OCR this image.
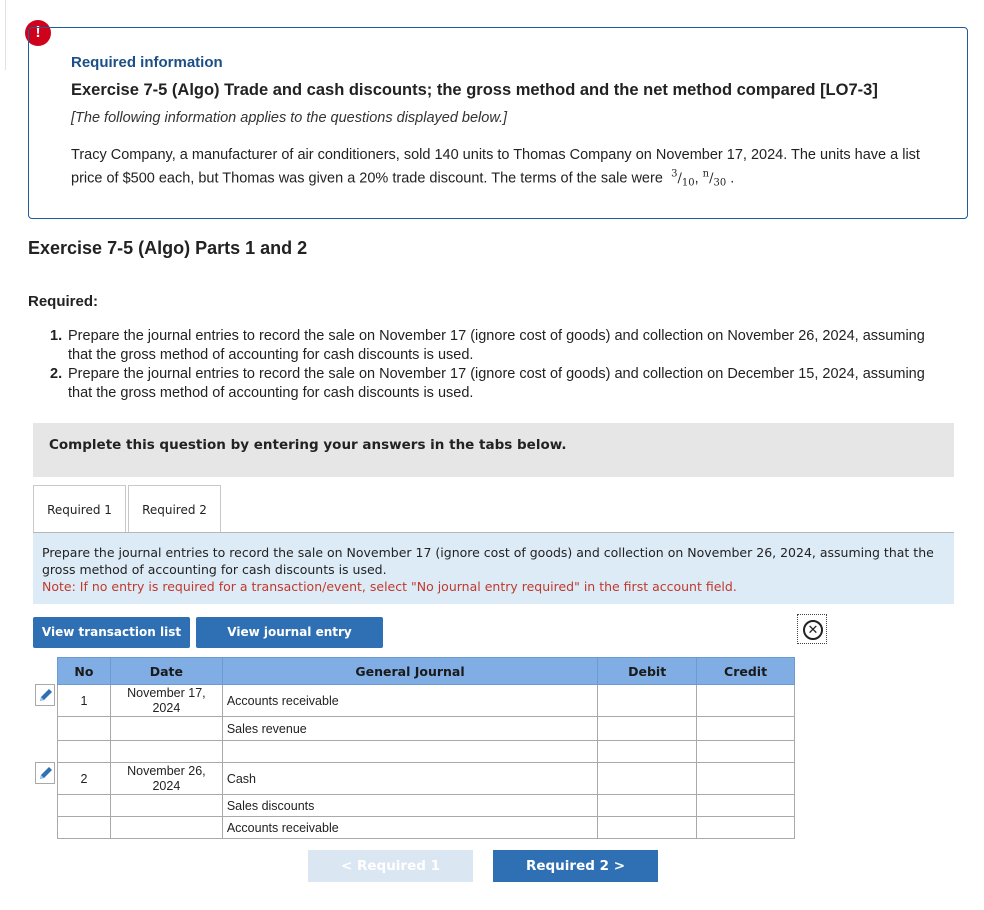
!

Required information

Exercise 7-5 (Algo) Trade and cash discounts; the gross method and the net method compared [LO7-3]

[The following information applies to the questions displayed below.]

Tracy Company, a manufacturer of air conditioners, sold 140 units to Thomas Company on November 17, 2024. The units have a list price of $500 each, but Thomas was given a 20% trade discount. The terms of the sale were $^3/_{10}$, $^n/_{30}$ .

Exercise 7-5 (Algo) Parts 1 and 2

Required:

1. Prepare the journal entries to record the sale on November 17 (ignore cost of goods) and collection on November 26, 2024, assuming that the gross method of accounting for cash discounts is used.
2. Prepare the journal entries to record the sale on November 17 (ignore cost of goods) and collection on December 15, 2024, assuming that the gross method of accounting for cash discounts is used.
Complete this question by entering your answers in the tabs below.
Required 1	Required 2
Prepare the journal entries to record the sale on November 17 (ignore cost of goods) and collection on November 26, 2024, assuming that the gross method of accounting for cash discounts is used.
Note: If no entry is required for a transaction/event, select "No journal entry required" in the first account field.
View transaction list	View journal entry	✕
No	Date	General Journal	Debit	Credit
1	November 17, 2024	Accounts receivable		
		Sales revenue		

2	November 26, 2024	Cash		
		Sales discounts		
		Accounts receivable		
< Required 1	Required 2 >
